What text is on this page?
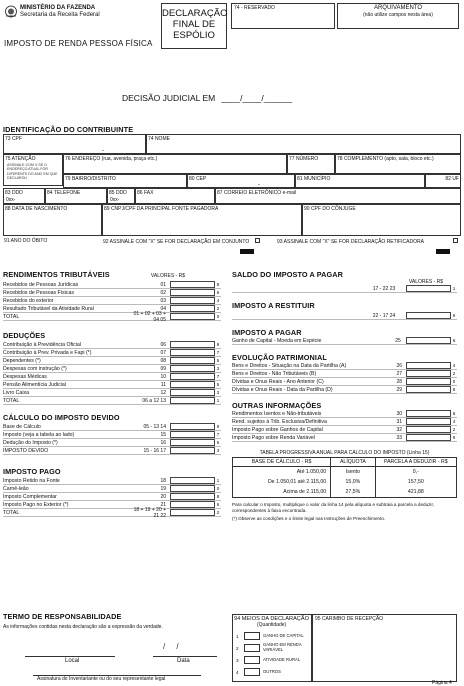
MINISTÉRIO DA FAZENDA
Secretaria da Receita Federal
IMPOSTO DE RENDA PESSOA FÍSICA
DECLARAÇÃO
FINAL DE
ESPÓLIO
74 - RESERVADO	ARQUIVAMENTO
(não utilize campos nesta área)
DECISÃO JUDICIAL EM ____/____/______
IDENTIFICAÇÃO DO CONTRIBUINTE
73 CPF
-
74 NOME
75 ATENÇÃO
ASSINALE COM X SE O ENDEREÇO ATUAL FOR DIFERENTE DO ANO EM QUE DECLAROU
76 ENDEREÇO (rua, avenida, praça etc.)	77 NÚMERO	78 COMPLEMENTO (apto, sala, bloco etc.)
79 BAIRRO/DISTRITO	80 CEP
-
81 MUNICÍPIO	82 UF
83 DDD
0xx-
84 TELEFONE	85 DDD
0xx-
86 FAX	87 CORREIO ELETRÔNICO e-mail
88 DATA DE NASCIMENTO	89 CNPJ/CPF DA PRINCIPAL FONTE PAGADORA	90 CPF DO CÔNJUGE
91 ANO DO ÓBITO	92 ASSINALE COM "X" SE FOR DECLARAÇÃO EM CONJUNTO	93 ASSINALE COM "X" SE FOR DECLARAÇÃO RETIFICADORA
RENDIMENTOS TRIBUTÁVEIS	VALORES - R$
Recebidos de Pessoas Jurídicas	01	8
Recebidos de Pessoas Físicas	02	6
Recebidos do exterior	03	4
Resultado Tributável da Atividade Rural	04	2
TOTAL	01 + 02 + 03 + 04 05	0
DEDUÇÕES
Contribuição à Previdência Oficial	06	9
Contribuição à Prev. Privada e Fapi (*)	07	7
Dependentes (*)	08	5
Despesas com instrução (*)	09	3
Despesas Médicas	10	7
Pensão Alimentícia Judicial	11	5
Livro Caixa	12	3
TOTAL	06 a 12 13	1
CÁLCULO DO IMPOSTO DEVIDO
Base de Cálculo	05 - 13 14	9
Imposto (veja a tabela ao lado)	15	7
Dedução do Imposto (*)	16	5
IMPOSTO DEVIDO	15 - 16 17	3
IMPOSTO PAGO
Imposto Retido na Fonte	18	1
Carnê-leão	19	0
Imposto Complementar	20	8
Imposto Pago no Exterior (*)	21	6
TOTAL	18 + 19 + 20 + 21 22	2
SALDO DO IMPOSTO A PAGAR
VALORES - R$
17 - 22 23	1
IMPOSTO A RESTITUIR
22 - 17 24	9
IMPOSTO A PAGAR
Ganho de Capital - Moeda em Espécie	25	6
EVOLUÇÃO PATRIMONIAL
Bens e Direitos - Situação na Data da Partilha (A)	26	4
Bens e Direitos - Não Tributáveis (B)	27	2
Dívidas e Ônus Reais - Ano Anterior (C)	28	0
Dívidas e Ônus Reais - Data da Partilha (D)	29	8
OUTRAS INFORMAÇÕES
Rendimentos Isentos e Não-tributáveis	30	6
Rend. sujeitos à Trib. Exclusiva/Definitiva	31	4
Imposto Pago sobre Ganhos de Capital	32	2
Imposto Pago sobre Renda Variável	33	9
TABELA PROGRESSIVA ANUAL PARA CÁLCULO DO IMPOSTO (Linha 15)
BASE DE CÁLCULO - R$	ALÍQUOTA	PARCELA A DEDUZIR - R$
Até 1.050,00	Isento	0,-
De 1.050,01 até 2.115,00	15,0%	157,50
Acima de 2.115,00	27,5%	421,88
Para calcular o Imposto, multiplique o valor da linha 14 pela alíquota e subtraia a parcela a deduzir, correspondentes à faixa encontrada.
(*) Observe as condições e o limite legal nas Instruções de Preenchimento.
TERMO DE RESPONSABILIDADE
As informações contidas nesta declaração são a expressão da verdade.
/     /
Local	Data
Assinatura do Inventariante ou do seu representante legal
94 MEIOS DA DECLARAÇÃO
(Quantidade)
1	GANHO DE CAPITAL
2
GANHO EM RENDA VARIÁVEL
3	ATIVIDADE RURAL
4	OUTROS
95 CARIMBO DE RECEPÇÃO
Página 4
